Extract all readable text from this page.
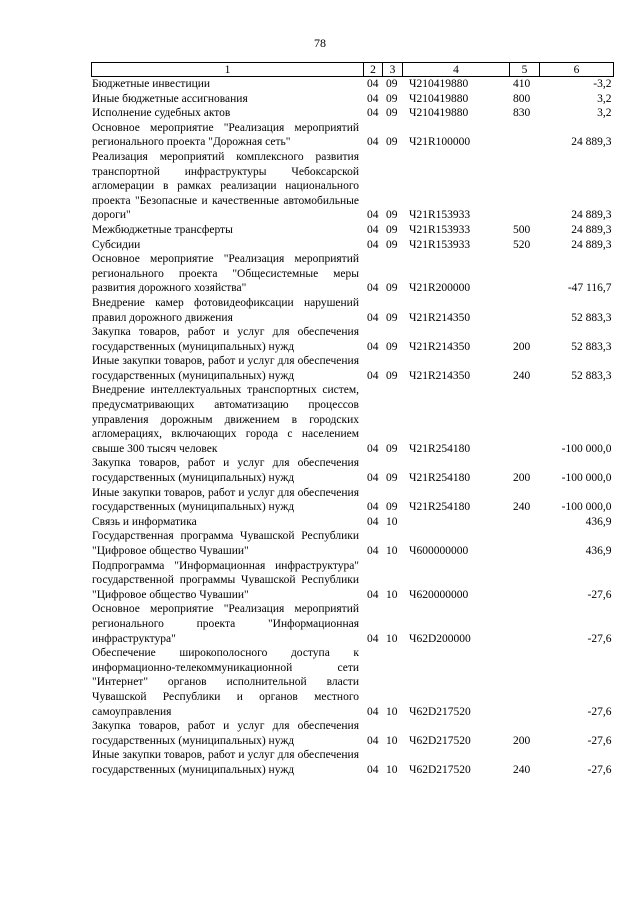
78
1	2	3	4	5	6
Бюджетные инвестиции	04	09	Ч210419880	410	-3,2
Иные бюджетные ассигнования	04	09	Ч210419880	800	3,2
Исполнение судебных актов	04	09	Ч210419880	830	3,2
Основное мероприятие "Реализация мероприятий регионального проекта "Дорожная сеть"	04	09	Ч21R100000		24 889,3
Реализация мероприятий комплексного развития транспортной инфраструктуры Чебоксарской агломерации в рамках реализации национального проекта "Безопасные и качественные автомобильные дороги"	04	09	Ч21R153933		24 889,3
Межбюджетные трансферты	04	09	Ч21R153933	500	24 889,3
Субсидии	04	09	Ч21R153933	520	24 889,3
Основное мероприятие "Реализация мероприятий регионального проекта "Общесистемные меры развития дорожного хозяйства"	04	09	Ч21R200000		-47 116,7
Внедрение камер фотовидеофиксации нарушений правил дорожного движения	04	09	Ч21R214350		52 883,3
Закупка товаров, работ и услуг для обеспечения государственных (муниципальных) нужд	04	09	Ч21R214350	200	52 883,3
Иные закупки товаров, работ и услуг для обеспечения государственных (муниципальных) нужд	04	09	Ч21R214350	240	52 883,3
Внедрение интеллектуальных транспортных систем, предусматривающих автоматизацию процессов управления дорожным движением в городских агломерациях, включающих города с населением свыше 300 тысяч человек	04	09	Ч21R254180		-100 000,0
Закупка товаров, работ и услуг для обеспечения государственных (муниципальных) нужд	04	09	Ч21R254180	200	-100 000,0
Иные закупки товаров, работ и услуг для обеспечения государственных (муниципальных) нужд	04	09	Ч21R254180	240	-100 000,0
Связь и информатика	04	10			436,9
Государственная программа Чувашской Республики "Цифровое общество Чувашии"	04	10	Ч600000000		436,9
Подпрограмма "Информационная инфраструктура" государственной программы Чувашской Республики "Цифровое общество Чувашии"	04	10	Ч620000000		-27,6
Основное мероприятие "Реализация мероприятий регионального проекта "Информационная инфраструктура"	04	10	Ч62D200000		-27,6
Обеспечение широкополосного доступа к информационно-телекоммуникационной сети "Интернет" органов исполнительной власти Чувашской Республики и органов местного самоуправления	04	10	Ч62D217520		-27,6
Закупка товаров, работ и услуг для обеспечения государственных (муниципальных) нужд	04	10	Ч62D217520	200	-27,6
Иные закупки товаров, работ и услуг для обеспечения государственных (муниципальных) нужд	04	10	Ч62D217520	240	-27,6
